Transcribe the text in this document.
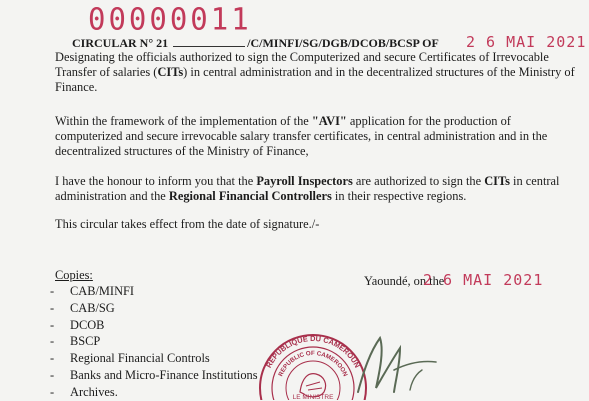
00000011
CIRCULAR N° 21	/C/MINFI/SG/DGB/DCOB/BCSP OF 2 6 MAI 2021
Designating the officials authorized to sign the Computerized and secure Certificates of Irrevocable Transfer of salaries (CITs) in central administration and in the decentralized structures of the Ministry of Finance.
Within the framework of the implementation of the "AVI" application for the production of computerized and secure irrevocable salary transfer certificates, in central administration and in the decentralized structures of the Ministry of Finance,
I have the honour to inform you that the Payroll Inspectors are authorized to sign the CITs in central administration and the Regional Financial Controllers in their respective regions.
This circular takes effect from the date of signature./-
Copies:
-	CAB/MINFI
-	CAB/SG
-	DCOB
-	BSCP
-	Regional Financial Controls
-	Banks and Micro-Finance Institutions
-	Archives.
Yaoundé, on the
2 6 MAI 2021
REPUBLIQUE DU CAMEROUN
REPUBLIC OF CAMEROON
LE MINISTRE
